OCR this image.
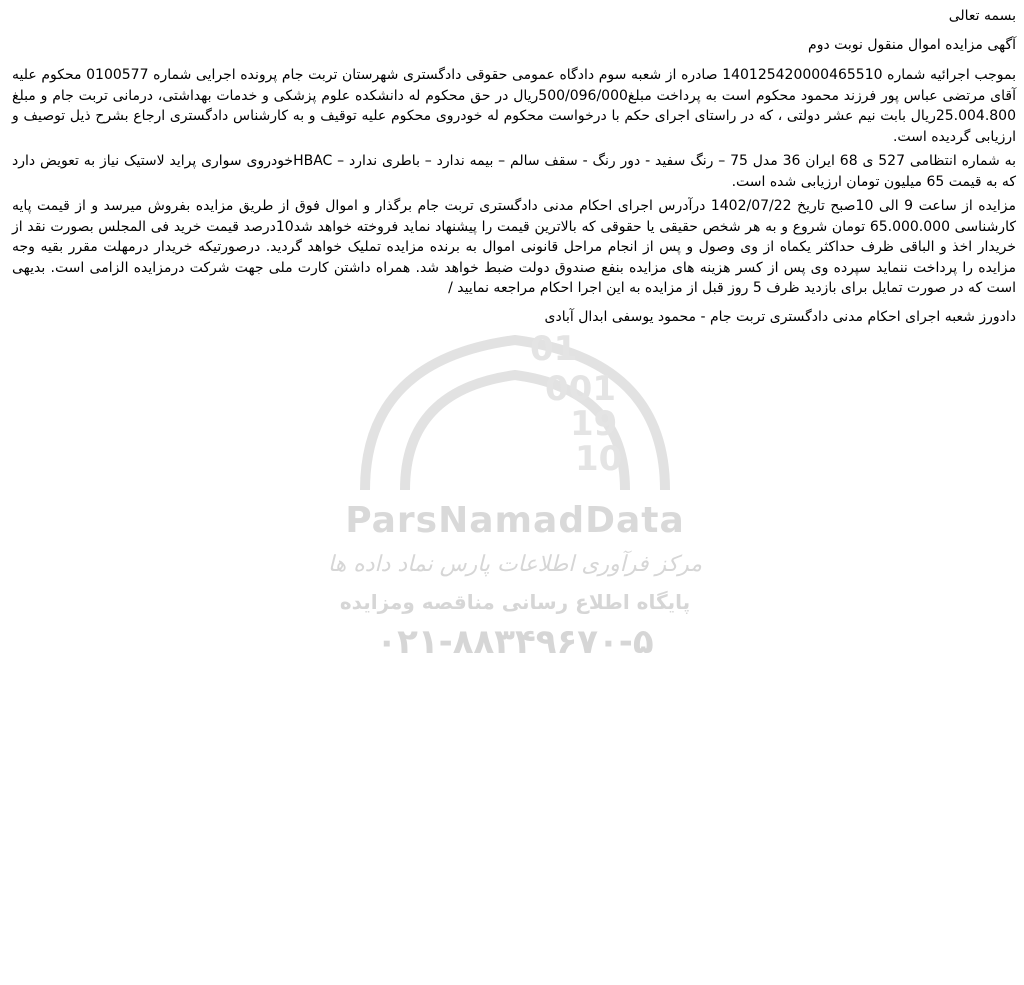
01
001
19
10
ParsNamadData
مرکز فرآوری اطلاعات پارس نماد داده ها
پایگاه اطلاع رسانی مناقصه ومزایده
۰۲۱-۸۸۳۴۹۶۷۰-۵

بسمه تعالی

آگهی مزایده اموال منقول نوبت دوم

بموجب اجرائیه شماره 140125420000465510 صادره از شعبه سوم دادگاه عمومی حقوقی دادگستری شهرستان تربت جام پرونده اجرایی شماره 0100577 محکوم علیه آقای مرتضی عباس پور فرزند محمود محکوم است به پرداخت مبلغ500/096/000ریال در حق محکوم له دانشکده علوم پزشکی و خدمات بهداشتی، درمانی تربت جام و مبلغ 25.004.800ریال بابت نیم عشر دولتی ، که در راستای اجرای حکم با درخواست محکوم له خودروی محکوم علیه توقیف و به کارشناس دادگستری ارجاع بشرح ذیل توصیف و ارزیابی گردیده است.

به شماره انتظامی 527 ی 68 ایران 36 مدل 75 – رنگ سفید - دور رنگ - سقف سالم – بیمه ندارد – باطری ندارد – HBACخودروی سواری پراید لاستیک نیاز به تعویض دارد که به قیمت 65 میلیون تومان ارزیابی شده است.

مزایده از ساعت 9 الی 10صبح تاریخ 1402/07/22 درآدرس اجرای احکام مدنی دادگستری تربت جام برگذار و اموال فوق از طریق مزایده بفروش میرسد و از قیمت پایه کارشناسی 65.000.000 تومان شروع و به هر شخص حقیقی یا حقوقی که بالاترین قیمت را پیشنهاد نماید فروخته خواهد شد10درصد قیمت خرید فی المجلس بصورت نقد از خریدار اخذ و الباقی ظرف حداکثر یکماه از وی وصول و پس از انجام مراحل قانونی اموال به برنده مزایده تملیک خواهد گردید. درصورتیکه خریدار درمهلت مقرر بقیه وجه مزایده را پرداخت ننماید سپرده وی پس از کسر هزینه های مزایده بنفع صندوق دولت ضبط خواهد شد. همراه داشتن کارت ملی جهت شرکت درمزایده الزامی است. بدیهی است که در صورت تمایل برای بازدید ظرف 5 روز قبل از مزایده به این اجرا احکام مراجعه نمایید /

دادورز شعبه اجرای احکام مدنی دادگستری تربت جام - محمود یوسفی ابدال آبادی
